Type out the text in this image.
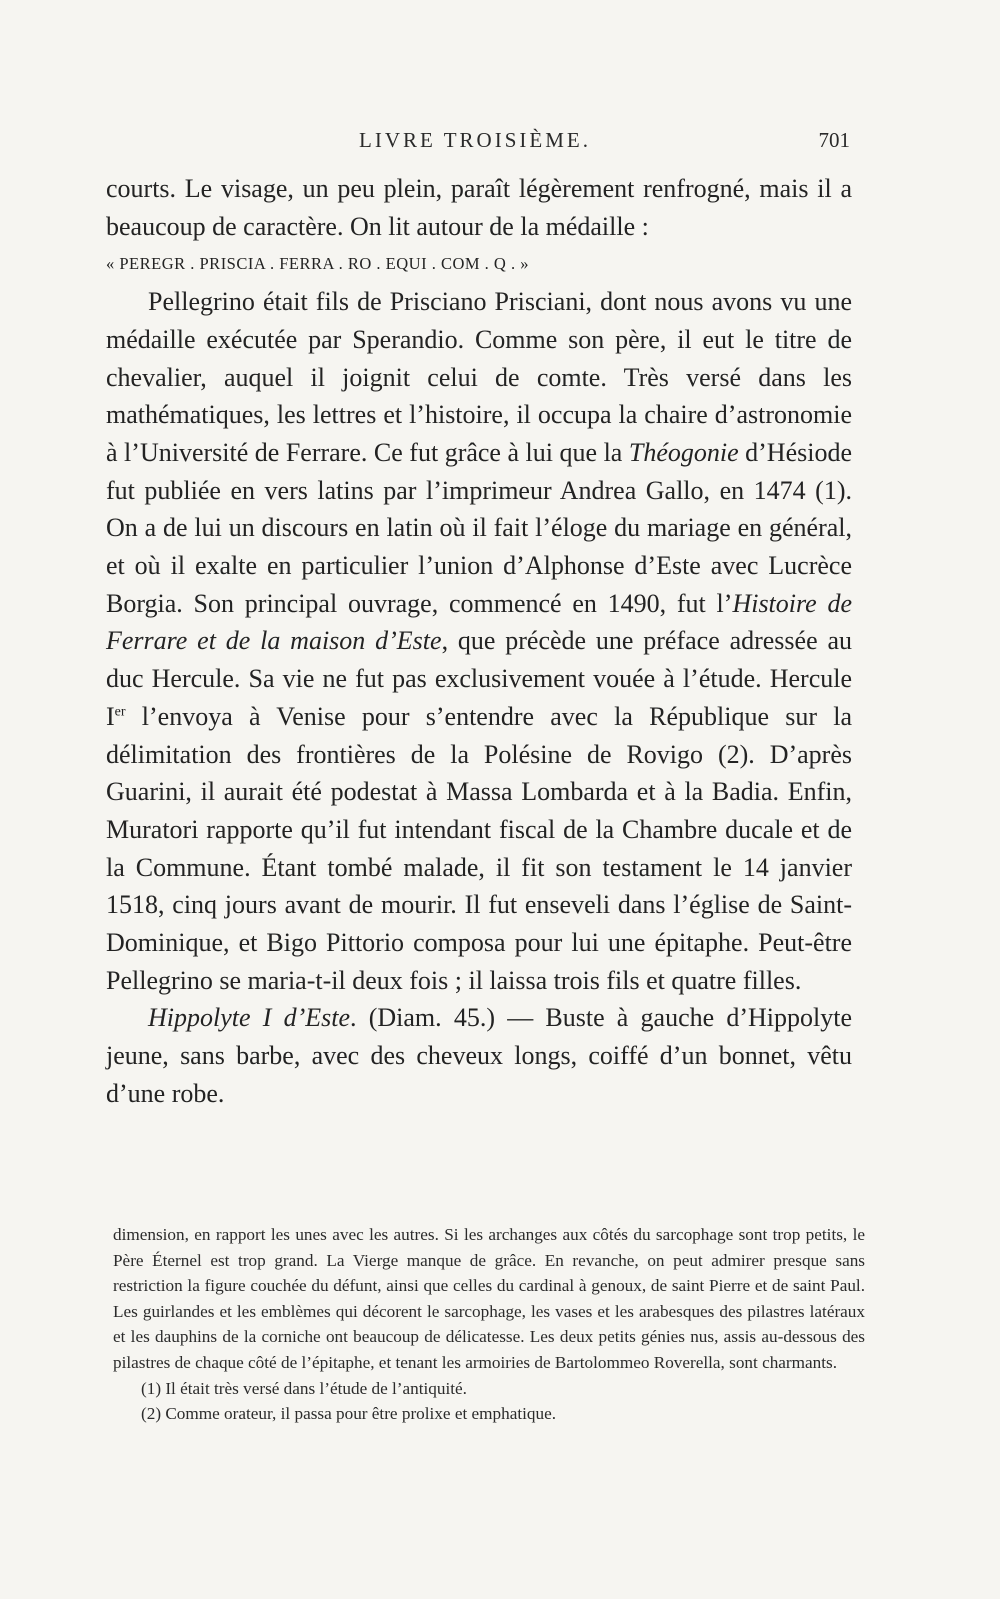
LIVRE TROISIÈME.	701

courts. Le visage, un peu plein, paraît légèrement renfrogné, mais il a beaucoup de caractère. On lit autour de la médaille :

« PEREGR . PRISCIA . FERRA . RO . EQUI . COM . Q . »

Pellegrino était fils de Prisciano Prisciani, dont nous avons vu une médaille exécutée par Sperandio. Comme son père, il eut le titre de chevalier, auquel il joignit celui de comte. Très versé dans les mathématiques, les lettres et l’histoire, il occupa la chaire d’astronomie à l’Université de Ferrare. Ce fut grâce à lui que la Théogonie d’Hésiode fut publiée en vers latins par l’imprimeur Andrea Gallo, en 1474 (1). On a de lui un discours en latin où il fait l’éloge du mariage en général, et où il exalte en particulier l’union d’Alphonse d’Este avec Lucrèce Borgia. Son principal ouvrage, commencé en 1490, fut l’Histoire de Ferrare et de la maison d’Este, que précède une préface adressée au duc Hercule. Sa vie ne fut pas exclusivement vouée à l’étude. Hercule Ier l’envoya à Venise pour s’entendre avec la République sur la délimitation des frontières de la Polésine de Rovigo (2). D’après Guarini, il aurait été podestat à Massa Lombarda et à la Badia. Enfin, Muratori rapporte qu’il fut intendant fiscal de la Chambre ducale et de la Commune. Étant tombé malade, il fit son testament le 14 janvier 1518, cinq jours avant de mourir. Il fut enseveli dans l’église de Saint-Dominique, et Bigo Pittorio composa pour lui une épitaphe. Peut-être Pellegrino se maria-t-il deux fois ; il laissa trois fils et quatre filles.

Hippolyte I d’Este. (Diam. 45.) — Buste à gauche d’Hippolyte jeune, sans barbe, avec des cheveux longs, coiffé d’un bonnet, vêtu d’une robe.

dimension, en rapport les unes avec les autres. Si les archanges aux côtés du sarcophage sont trop petits, le Père Éternel est trop grand. La Vierge manque de grâce. En revanche, on peut admirer presque sans restriction la figure couchée du défunt, ainsi que celles du cardinal à genoux, de saint Pierre et de saint Paul. Les guirlandes et les emblèmes qui décorent le sarcophage, les vases et les arabesques des pilastres latéraux et les dauphins de la corniche ont beaucoup de délicatesse. Les deux petits génies nus, assis au-dessous des pilastres de chaque côté de l’épitaphe, et tenant les armoiries de Bartolommeo Roverella, sont charmants.

(1) Il était très versé dans l’étude de l’antiquité.

(2) Comme orateur, il passa pour être prolixe et emphatique.
